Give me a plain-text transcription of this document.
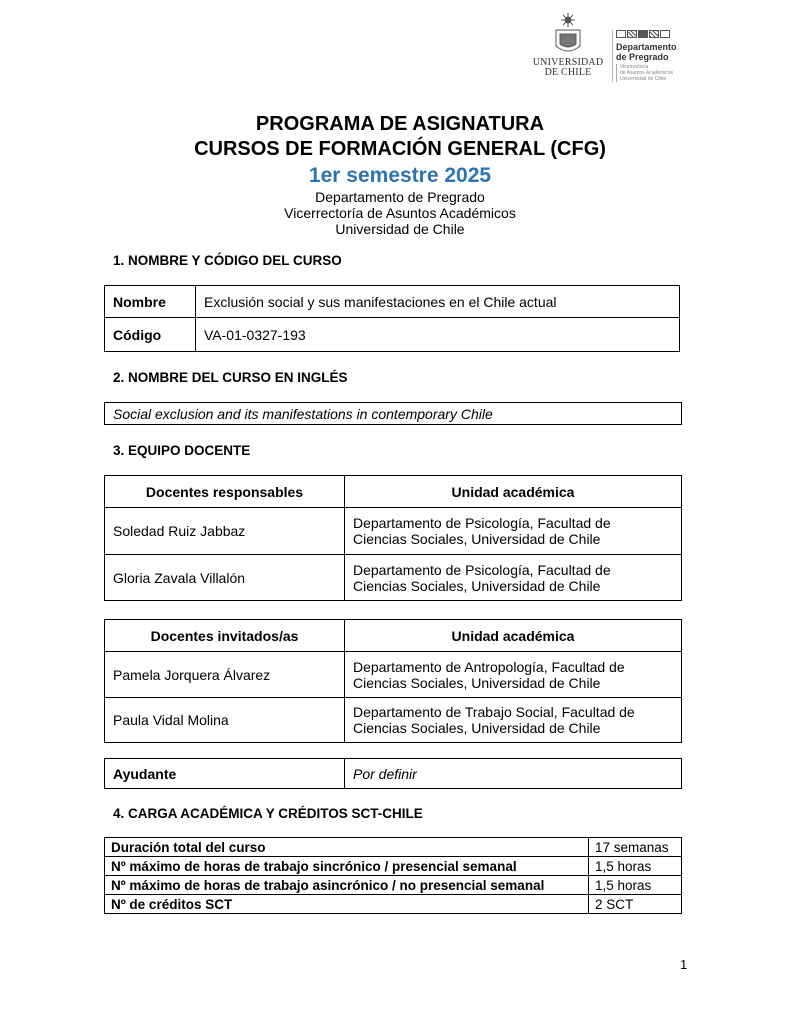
UNIVERSIDAD
DE CHILE
Departamento
de Pregrado
Vicerrectoría
de Asuntos Académicos
Universidad de Chile
PROGRAMA DE ASIGNATURA
CURSOS DE FORMACIÓN GENERAL (CFG)
1er semestre 2025
Departamento de Pregrado
Vicerrectoría de Asuntos Académicos
Universidad de Chile
1. NOMBRE Y CÓDIGO DEL CURSO
Nombre	Exclusión social y sus manifestaciones en el Chile actual
Código	VA-01-0327-193
2. NOMBRE DEL CURSO EN INGLÉS
Social exclusion and its manifestations in contemporary Chile
3. EQUIPO DOCENTE
Docentes responsables	Unidad académica
Soledad Ruiz Jabbaz	Departamento de Psicología, Facultad de
Ciencias Sociales, Universidad de Chile

Gloria Zavala Villalón	Departamento de Psicología, Facultad de
Ciencias Sociales, Universidad de Chile
Docentes invitados/as	Unidad académica
Pamela Jorquera Álvarez	Departamento de Antropología, Facultad de
Ciencias Sociales, Universidad de Chile

Paula Vidal Molina	Departamento de Trabajo Social, Facultad de
Ciencias Sociales, Universidad de Chile
Ayudante	Por definir
4. CARGA ACADÉMICA Y CRÉDITOS SCT-CHILE
Duración total del curso	17 semanas
Nº máximo de horas de trabajo sincrónico / presencial semanal	1,5 horas
Nº máximo de horas de trabajo asincrónico / no presencial semanal	1,5 horas
Nº de créditos SCT	2 SCT
1
